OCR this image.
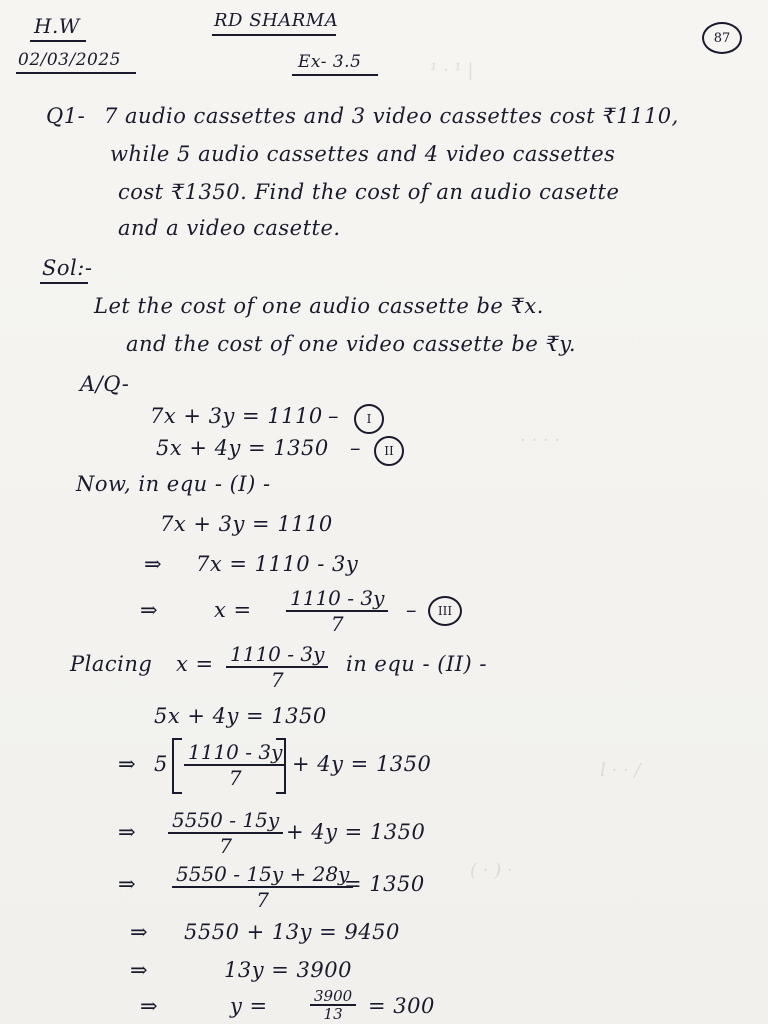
¹ · ¹ |
· · · ·
l · · /
( · ) ·
H.W
02/03/2025
RD SHARMA
Ex- 3.5
87
Q1- 7 audio cassettes and 3 video cassettes cost ₹1110,
while 5 audio cassettes and 4 video cassettes
cost ₹1350. Find the cost of an audio casette
and a video casette.
Sol:-
Let the cost of one audio cassette be ₹x.
and the cost of one video cassette be ₹y.
A/Q-
7x + 3y = 1110 –	I
5x + 4y = 1350 –	II
Now, in equ - (I) -
7x + 3y = 1110
⇒ 7x = 1110 - 3y
⇒	$x = \frac{1110 - 3y}{7}$ –	III
Placing $x = \frac{1110 - 3y}{7}$ in equ - (II) -
5x + 4y = 1350
⇒ $5 \frac{1110 - 3y}{7} + 4y = 1350$
⇒ $\frac{5550 - 15y}{7} + 4y = 1350$
⇒ $\frac{5550 - 15y + 28y}{7}$
= 1350
⇒ 5550 + 13y = 9450
⇒	13y = 3900
⇒	y =	$\frac{3900}{13} = 300$
